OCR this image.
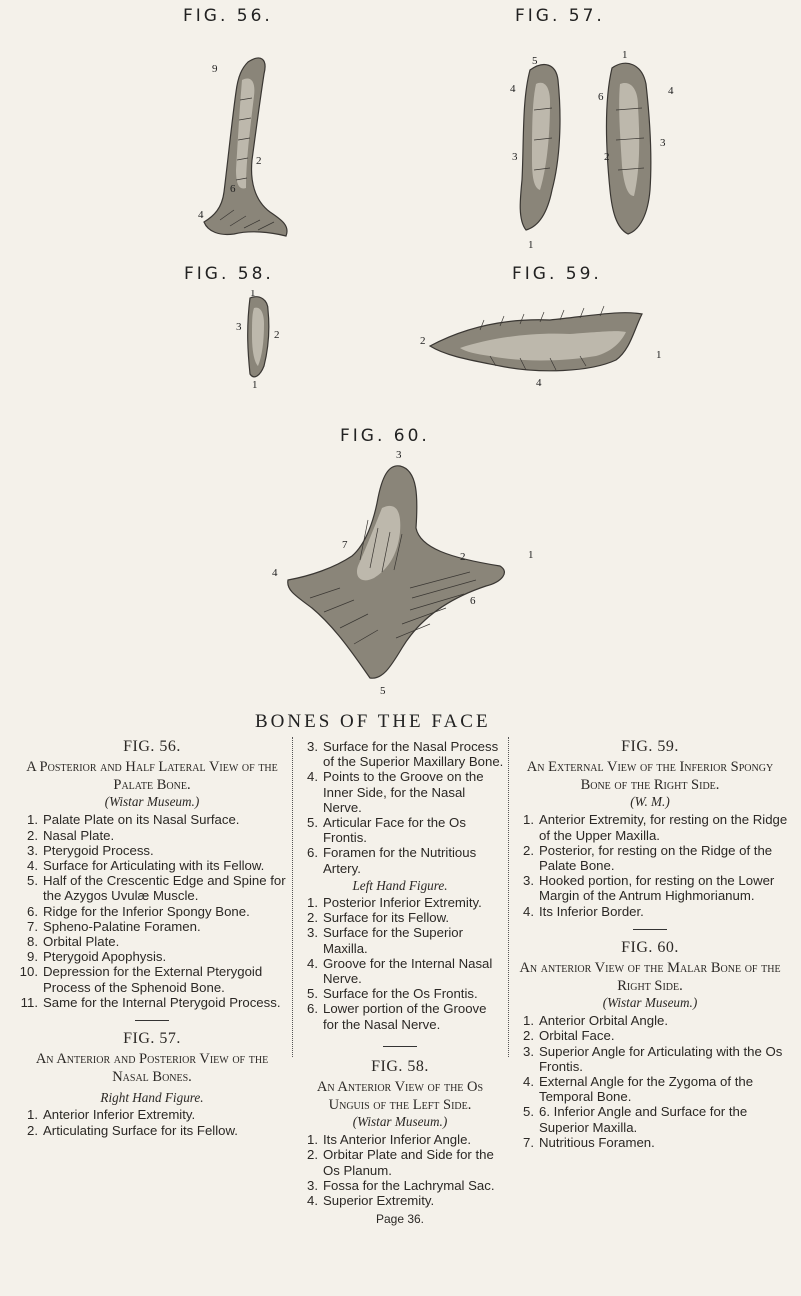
FIG. 56.	FIG. 57.
FIG. 58.	FIG. 59.
FIG. 60.
9
2
6
4
5
4
3
6
1
2
4
3
1
1
3
2
1
2
4
1
3
7
4
2	1
6
5
BONES OF THE FACE
FIG. 56.
A Posterior and Half Lateral View of the Palate Bone.
(Wistar Museum.)
1. Palate Plate on its Nasal Surface.
2. Nasal Plate.
3. Pterygoid Process.
4. Surface for Articulating with its Fellow.
5. Half of the Crescentic Edge and Spine for the Azygos Uvulæ Muscle.
6. Ridge for the Inferior Spongy Bone.
7. Spheno-Palatine Foramen.
8. Orbital Plate.
9. Pterygoid Apophysis.
10. Depression for the External Pterygoid Process of the Sphenoid Bone.
11. Same for the Internal Pterygoid Process.
FIG. 57.
An Anterior and Posterior View of the Nasal Bones.
Right Hand Figure.
1. Anterior Inferior Extremity.
2. Articulating Surface for its Fellow.
3. Surface for the Nasal Process of the Superior Maxillary Bone.
4. Points to the Groove on the Inner Side, for the Nasal Nerve.
5. Articular Face for the Os Frontis.
6. Foramen for the Nutritious Artery.
Left Hand Figure.
1. Posterior Inferior Extremity.
2. Surface for its Fellow.
3. Surface for the Superior Maxilla.
4. Groove for the Internal Nasal Nerve.
5. Surface for the Os Frontis.
6. Lower portion of the Groove for the Nasal Nerve.
FIG. 58.
An Anterior View of the Os Unguis of the Left Side.
(Wistar Museum.)
1. Its Anterior Inferior Angle.
2. Orbitar Plate and Side for the Os Planum.
3. Fossa for the Lachrymal Sac.
4. Superior Extremity.
Page 36.
FIG. 59.
An External View of the Inferior Spongy Bone of the Right Side.
(W. M.)
1. Anterior Extremity, for resting on the Ridge of the Upper Maxilla.
2. Posterior, for resting on the Ridge of the Palate Bone.
3. Hooked portion, for resting on the Lower Margin of the Antrum Highmorianum.
4. Its Inferior Border.
FIG. 60.
An anterior View of the Malar Bone of the Right Side.
(Wistar Museum.)
1. Anterior Orbital Angle.
2. Orbital Face.
3. Superior Angle for Articulating with the Os Frontis.
4. External Angle for the Zygoma of the Temporal Bone.
5. 6. Inferior Angle and Surface for the Superior Maxilla.
7. Nutritious Foramen.
